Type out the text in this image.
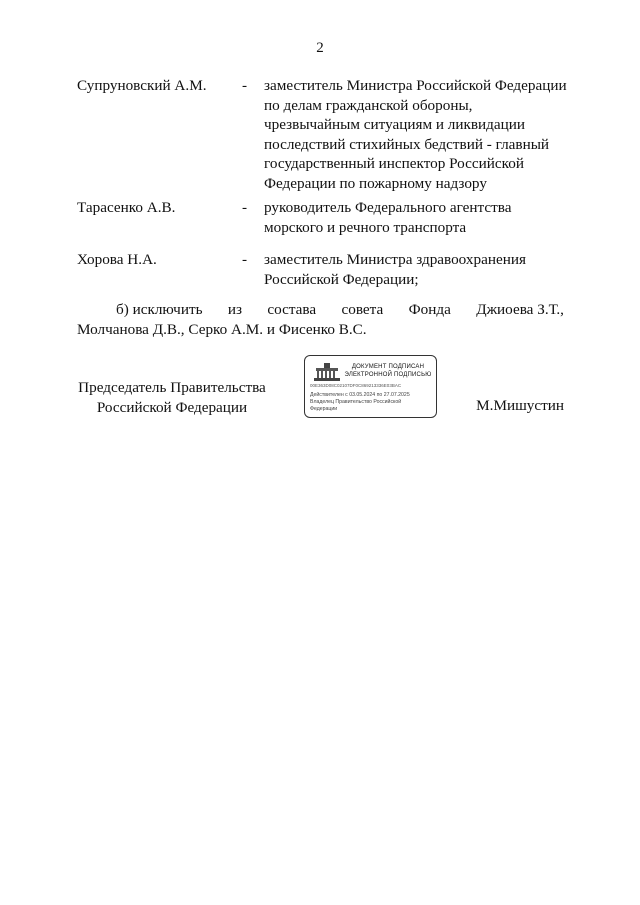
2
Супруновский А.М. - заместитель Министра Российской Федерации
по делам гражданской обороны,
чрезвычайным ситуациям и ликвидации
последствий стихийных бедствий - главный
государственный инспектор Российской
Федерации по пожарному надзору
Тарасенко А.В.	- руководитель Федерального агентства
морского и речного транспорта
Хорова Н.А.	- заместитель Министра здравоохранения
Российской Федерации;
б) исключить из состава совета Фонда Джиоева З.Т.,
Молчанова Д.В., Серко А.М. и Фисенко В.С.
Председатель Правительства
Российской Федерации
ДОКУМЕНТ ПОДПИСАН
ЭЛЕКТРОННОЙ ПОДПИСЬЮ
00E363D08C02107DF0C869213336E03BAC
Действителен с 03.05.2024 по 27.07.2025
Владелец Правительство Российской Федерации	М.Мишустин
